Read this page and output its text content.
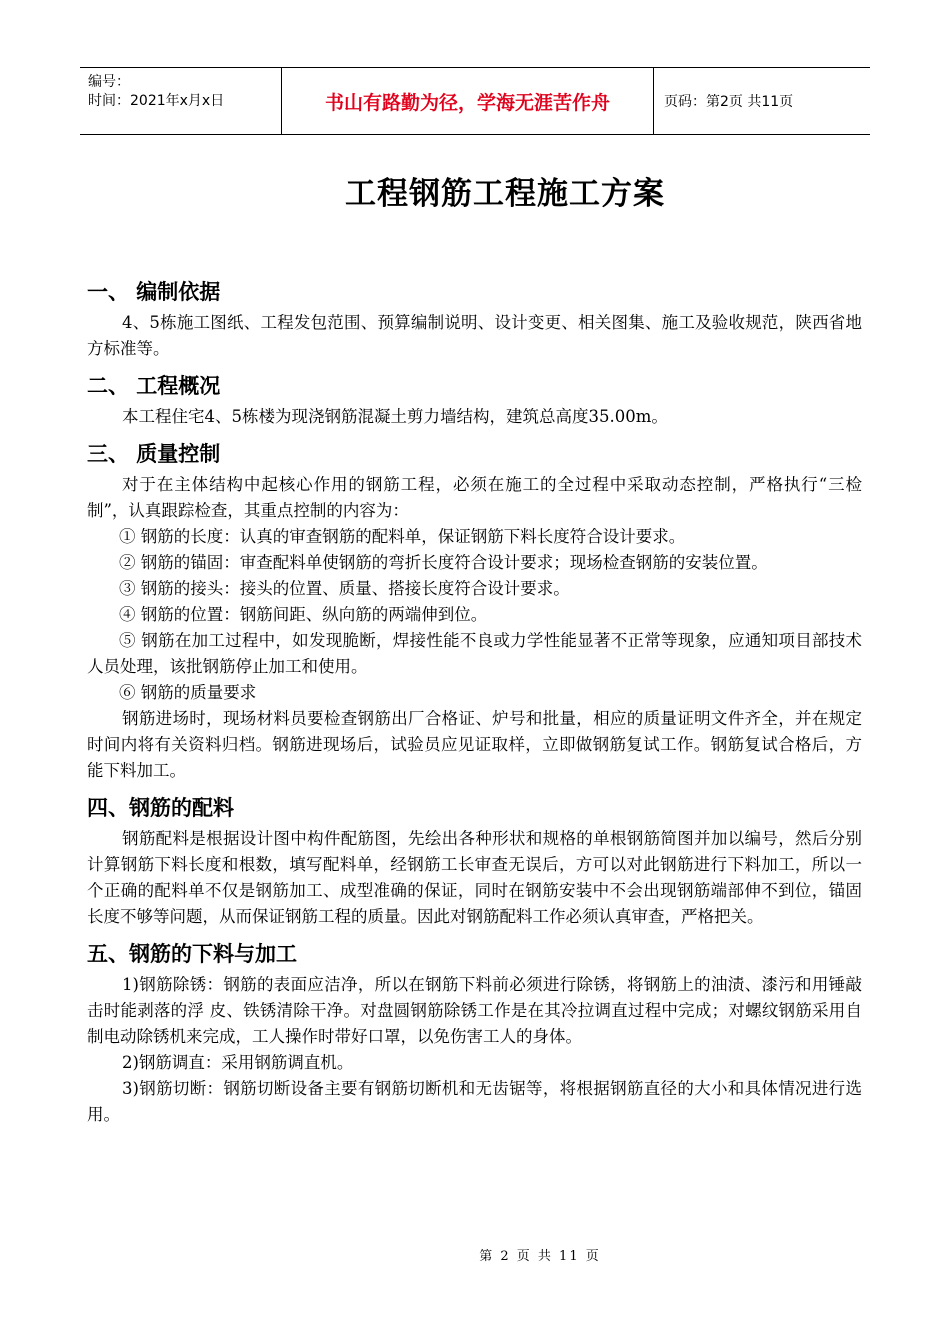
编号：
时间：2021年x月x日	书山有路勤为径，学海无涯苦作舟	页码：第2页 共11页
工程钢筋工程施工方案
一、 编制依据

4、5栋施工图纸、工程发包范围、预算编制说明、设计变更、相关图集、施工及验收规范，陕西省地方标准等。

二、 工程概况

本工程住宅4、5栋楼为现浇钢筋混凝土剪力墙结构，建筑总高度35.00m。

三、 质量控制

对于在主体结构中起核心作用的钢筋工程，必须在施工的全过程中采取动态控制，严格执行“三检制”，认真跟踪检查，其重点控制的内容为：

① 钢筋的长度：认真的审查钢筋的配料单，保证钢筋下料长度符合设计要求。

② 钢筋的锚固：审查配料单使钢筋的弯折长度符合设计要求；现场检查钢筋的安装位置。

③ 钢筋的接头：接头的位置、质量、搭接长度符合设计要求。

④ 钢筋的位置：钢筋间距、纵向筋的两端伸到位。

⑤ 钢筋在加工过程中，如发现脆断，焊接性能不良或力学性能显著不正常等现象，应通知项目部技术人员处理，该批钢筋停止加工和使用。

⑥ 钢筋的质量要求

钢筋进场时，现场材料员要检查钢筋出厂合格证、炉号和批量，相应的质量证明文件齐全，并在规定时间内将有关资料归档。钢筋进现场后，试验员应见证取样，立即做钢筋复试工作。钢筋复试合格后，方能下料加工。

四、钢筋的配料

钢筋配料是根据设计图中构件配筋图，先绘出各种形状和规格的单根钢筋简图并加以编号，然后分别计算钢筋下料长度和根数，填写配料单，经钢筋工长审查无误后，方可以对此钢筋进行下料加工，所以一个正确的配料单不仅是钢筋加工、成型准确的保证，同时在钢筋安装中不会出现钢筋端部伸不到位，锚固长度不够等问题，从而保证钢筋工程的质量。因此对钢筋配料工作必须认真审查，严格把关。

五、钢筋的下料与加工

1)钢筋除锈：钢筋的表面应洁净，所以在钢筋下料前必须进行除锈，将钢筋上的油渍、漆污和用锤敲击时能剥落的浮 皮、铁锈清除干净。对盘圆钢筋除锈工作是在其冷拉调直过程中完成；对螺纹钢筋采用自制电动除锈机来完成，工人操作时带好口罩，以免伤害工人的身体。

2)钢筋调直：采用钢筋调直机。

3)钢筋切断：钢筋切断设备主要有钢筋切断机和无齿锯等，将根据钢筋直径的大小和具体情况进行选用。

第 2 页 共 11 页
